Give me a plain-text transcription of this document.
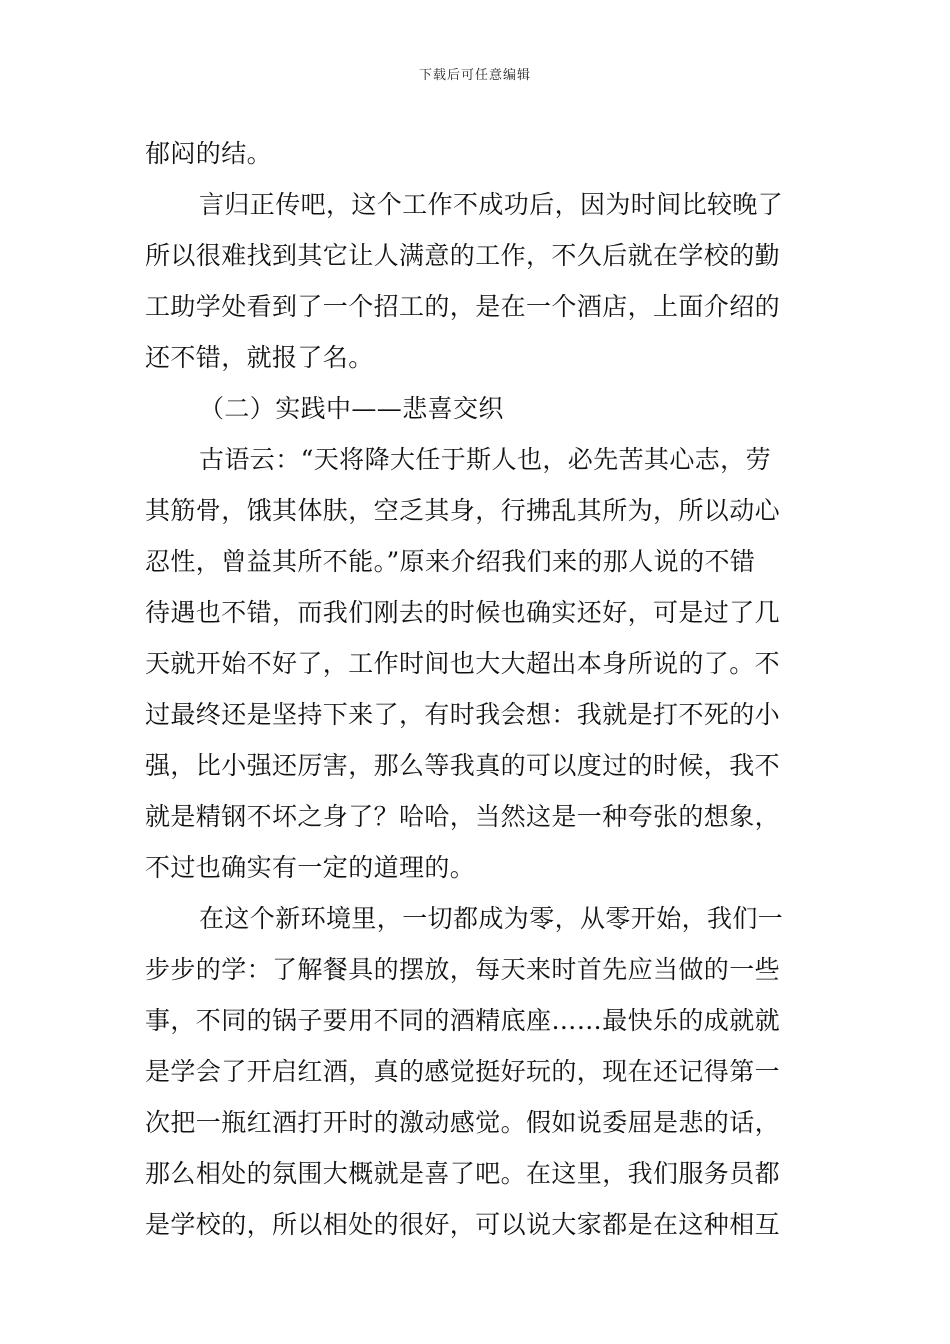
下载后可任意编辑
郁闷的结。
言归正传吧，这个工作不成功后，因为时间比较晚了
所以很难找到其它让人满意的工作，不久后就在学校的勤
工助学处看到了一个招工的，是在一个酒店，上面介绍的
还不错，就报了名。
（二）实践中——悲喜交织
古语云：“天将降大任于斯人也，必先苦其心志，劳
其筋骨，饿其体肤，空乏其身，行拂乱其所为，所以动心
忍性，曾益其所不能。”原来介绍我们来的那人说的不错
待遇也不错，而我们刚去的时候也确实还好，可是过了几
天就开始不好了，工作时间也大大超出本身所说的了。不
过最终还是坚持下来了，有时我会想：我就是打不死的小
强，比小强还厉害，那么等我真的可以度过的时候，我不
就是精钢不坏之身了？哈哈，当然这是一种夸张的想象，
不过也确实有一定的道理的。
在这个新环境里，一切都成为零，从零开始，我们一
步步的学：了解餐具的摆放，每天来时首先应当做的一些
事，不同的锅子要用不同的酒精底座……最快乐的成就就
是学会了开启红酒，真的感觉挺好玩的，现在还记得第一
次把一瓶红酒打开时的激动感觉。假如说委屈是悲的话，
那么相处的氛围大概就是喜了吧。在这里，我们服务员都
是学校的，所以相处的很好，可以说大家都是在这种相互
